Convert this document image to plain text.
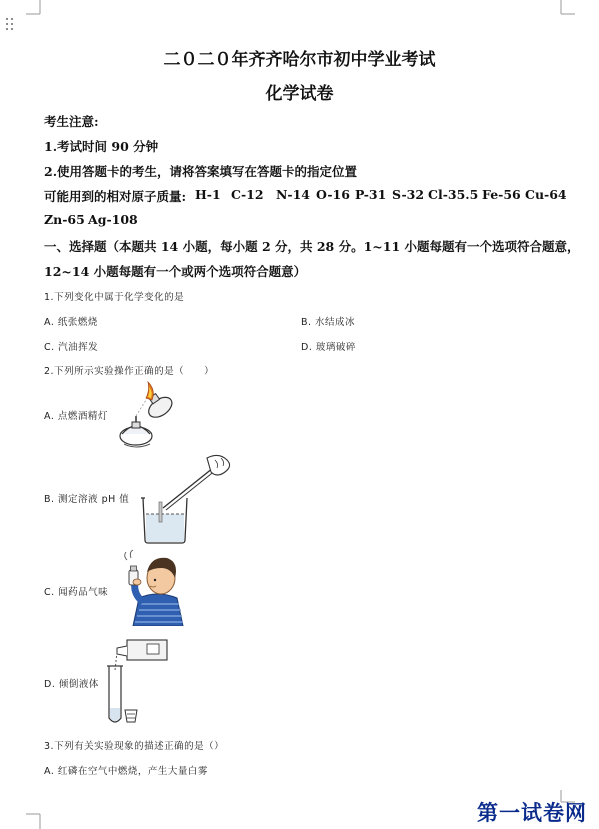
二０二０年齐齐哈尔市初中学业考试
化学试卷
考生注意:
1.考试时间 90 分钟
2.使用答题卡的考生，请将答案填写在答题卡的指定位置
可能用到的相对原子质量: H-1 C-12 N-14 O-16 P-31 S-32 Cl-35.5 Fe-56 Cu-64
Zn-65 Ag-108
一、选择题（本题共 14 小题，每小题 2 分，共 28 分。1~11 小题每题有一个选项符合题意，
12~14 小题每题有一个或两个选项符合题意）
1.下列变化中属于化学变化的是
A. 纸张燃烧	B. 水结成冰
C. 汽油挥发	D. 玻璃破碎
2.下列所示实验操作正确的是（　　）
A. 点燃酒精灯
B. 测定溶液 pH 值
C. 闻药品气味
D. 倾倒液体
3.下列有关实验现象的描述正确的是（）
A. 红磷在空气中燃烧，产生大量白雾
第一试卷网
